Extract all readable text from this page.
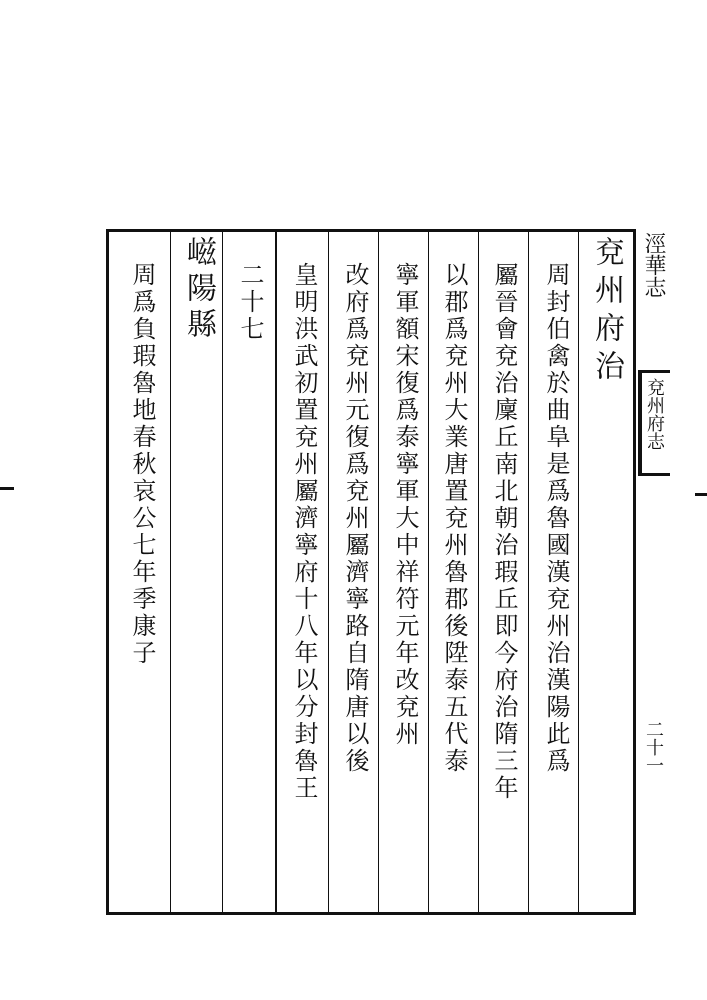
涇華志
兗州府志
二十一
兗州府治
周封伯禽於曲阜是爲魯國漢兗州治漢陽此爲
屬晉會兗治廩丘南北朝治瑕丘即今府治隋三年
以郡爲兗州大業唐置兗州魯郡後陞泰五代泰
寧軍額宋復爲泰寧軍大中祥符元年改兗州
改府爲兗州元復爲兗州屬濟寧路自隋唐以後
皇明洪武初置兗州屬濟寧府十八年以分封魯王
二十七
嵫陽縣
周爲負瑕魯地春秋哀公七年季康子
